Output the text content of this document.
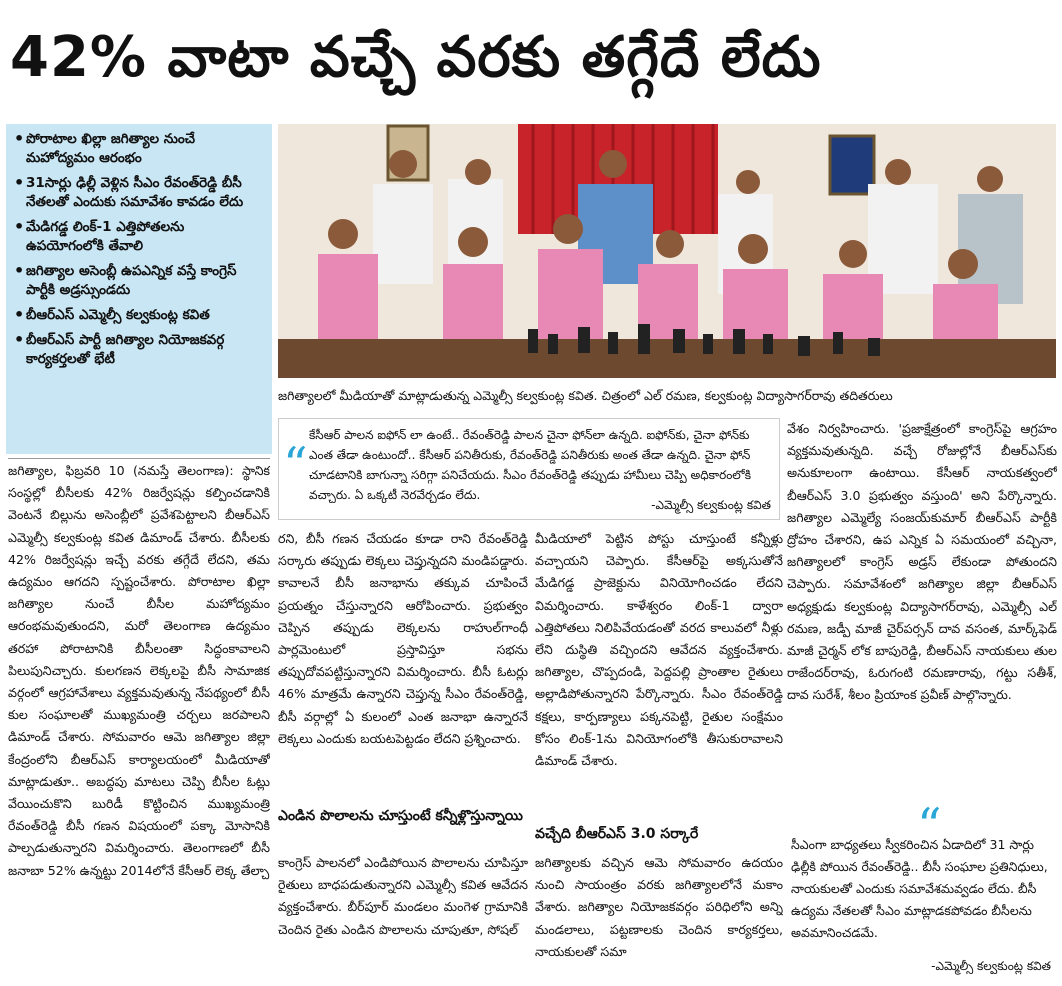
42% వాటా వచ్చే వరకు తగ్గేదే లేదు
• పోరాటాల ఖిల్లా జగిత్యాల నుంచే మహోద్యమం ఆరంభం
• 31సార్లు ఢిల్లీ వెళ్లిన సీఎం రేవంత్‌రెడ్డి బీసీ నేతలతో ఎందుకు సమావేశం కావడం లేదు
• మేడిగడ్డ లింక్‌-1 ఎత్తిపోతలను ఉపయోగంలోకి తేవాలి
• జగిత్యాల అసెంబ్లీ ఉపఎన్నిక వస్తే కాంగ్రెస్‌ పార్టీకి అడ్రస్సుండదు
• బీఆర్‌ఎస్‌ ఎమ్మెల్సీ కల్వకుంట్ల కవిత
• బీఆర్‌ఎస్‌ పార్టీ జగిత్యాల నియోజకవర్గ కార్యకర్తలతో భేటీ
జగిత్యాలలో మీడియాతో మాట్లాడుతున్న ఎమ్మెల్సీ కల్వకుంట్ల కవిత. చిత్రంలో ఎల్‌ రమణ, కల్వకుంట్ల విద్యాసాగర్‌రావు తదితరులు
“
కేసీఆర్‌ పాలన ఐఫోన్‌ లా ఉంటే.. రేవంత్‌రెడ్డి పాలన చైనా ఫోన్‌లా ఉన్నది. ఐఫోన్‌కు, చైనా ఫోన్‌కు ఎంత తేడా ఉంటుందో.. కేసీఆర్‌ పనితీరుకు, రేవంత్‌రెడ్డి పనితీరుకు అంత తేడా ఉన్నది. చైనా ఫోన్‌ చూడటానికి బాగున్నా సరిగ్గా పనిచేయదు. సీఎం రేవంత్‌రెడ్డి తప్పుడు హామీలు చెప్పి అధికారంలోకి వచ్చారు. ఏ ఒక్కటీ నెరవేర్చడం లేదు.
-ఎమ్మెల్సీ కల్వకుంట్ల కవిత

జగిత్యాల, ఫిబ్రవరి 10 (నమస్తే తెలంగాణ): స్థానిక సంస్థల్లో బీసీలకు 42% రిజర్వేషన్లు కల్పించడానికి వెంటనే బిల్లును అసెంబ్లీలో ప్రవేశపెట్టాలని బీఆర్‌ఎస్‌ ఎమ్మెల్సీ కల్వకుంట్ల కవిత డిమాండ్‌ చేశారు. బీసీలకు 42% రిజర్వేషన్లు ఇచ్చే వరకు తగ్గేదే లేదని, తమ ఉద్యమం ఆగదని స్పష్టంచేశారు. పోరాటాల ఖిల్లా జగిత్యాల నుంచే బీసీల మహోద్యమం ఆరంభమవుతుందని, మరో తెలంగాణ ఉద్యమం తరహా పోరాటానికి బీసీలంతా సిద్ధంకావాలని పిలుపునిచ్చారు. కులగణన లెక్కలపై బీసీ సామాజిక వర్గంలో ఆగ్రహావేశాలు వ్యక్తమవుతున్న నేపథ్యంలో బీసీ కుల సంఘాలతో ముఖ్యమంత్రి చర్చలు జరపాలని డిమాండ్‌ చేశారు. సోమవారం ఆమె జగిత్యాల జిల్లా కేంద్రంలోని బీఆర్‌ఎస్‌ కార్యాలయంలో మీడియాతో మాట్లాడుతూ.. అబద్ధపు మాటలు చెప్పి బీసీల ఓట్లు వేయించుకొని బురిడీ కొట్టించిన ముఖ్యమంత్రి రేవంత్‌రెడ్డి బీసీ గణన విషయంలో పక్కా మోసానికి పాల్పడుతున్నారని విమర్శించారు. తెలంగాణలో బీసీ జనాబా 52% ఉన్నట్టు 2014లోనే కేసీఆర్‌ లెక్క తేల్చా

రని, బీసీ గణన చేయడం కూడా రాని రేవంత్‌రెడ్డి సర్కారు తప్పుడు లెక్కలు చెప్తున్నదని మండిపడ్డారు. కావాలనే బీసీ జనాభాను తక్కువ చూపించే ప్రయత్నం చేస్తున్నారని ఆరోపించారు. ప్రభుత్వం చెప్పిన తప్పుడు లెక్కలను రాహుల్‌గాంధీ పార్లమెంటులో ప్రస్తావిస్తూ సభను తప్పుదోవపట్టిస్తున్నారని విమర్శించారు. బీసీ ఓటర్లు 46% మాత్రమే ఉన్నారని చెప్తున్న సీఎం రేవంత్‌రెడ్డి, బీసీ వర్గాల్లో ఏ కులంలో ఎంత జనాభా ఉన్నారనే లెక్కలు ఎందుకు బయటపెట్టడం లేదని ప్రశ్నించారు.

ఎండిన పొలాలను చూస్తుంటే కన్నీళ్లొస్తున్నాయి

కాంగ్రెస్‌ పాలనలో ఎండిపోయిన పొలాలను చూపిస్తూ రైతులు బాధపడుతున్నారని ఎమ్మెల్సీ కవిత ఆవేదన వ్యక్తంచేశారు. బీర్‌పూర్‌ మండలం మంగెళ గ్రామానికి చెందిన రైతు ఎండిన పొలాలను చూపుతూ, సోషల్‌

మీడియాలో పెట్టిన పోస్టు చూస్తుంటే కన్నీళ్లు వచ్చాయని చెప్పారు. కేసీఆర్‌పై అక్కసుతోనే మేడిగడ్డ ప్రాజెక్టును వినియోగించడం లేదని విమర్శించారు. కాళేశ్వరం లింక్‌-1 ద్వారా ఎత్తిపోతలు నిలిపివేయడంతో వరద కాలువలో నీళ్లు లేని దుస్థితి వచ్చిందని ఆవేదన వ్యక్తంచేశారు. జగిత్యాల, చొప్పదండి, పెద్దపల్లి ప్రాంతాల రైతులు అల్లాడిపోతున్నారని పేర్కొన్నారు. సీఎం రేవంత్‌రెడ్డి కక్షలు, కార్పణ్యాలు పక్కనపెట్టి, రైతుల సంక్షేమం కోసం లింక్‌-1ను వినియోగంలోకి తీసుకురావాలని డిమాండ్‌ చేశారు.

వచ్చేది బీఆర్‌ఎస్‌ 3.0 సర్కారే

జగిత్యాలకు వచ్చిన ఆమె సోమవారం ఉదయం నుంచి సాయంత్రం వరకు జగిత్యాలలోనే మకాం వేశారు. జగిత్యాల నియోజకవర్గం పరిధిలోని అన్ని మండలాలు, పట్టణాలకు చెందిన కార్యకర్తలు, నాయకులతో సమా

వేశం నిర్వహించారు. 'ప్రజాక్షేత్రంలో కాంగ్రెస్‌పై ఆగ్రహం వ్యక్తమవుతున్నది. వచ్చే రోజుల్లోనే బీఆర్‌ఎస్‌కు అనుకూలంగా ఉంటాయి. కేసీఆర్‌ నాయకత్వంలో బీఆర్‌ఎస్‌ 3.0 ప్రభుత్వం వస్తుంది' అని పేర్కొన్నారు. జగిత్యాల ఎమ్మెల్యే సంజయ్‌కుమార్‌ బీఆర్‌ఎస్‌ పార్టీకి ద్రోహం చేశారని, ఉప ఎన్నిక ఏ సమయంలో వచ్చినా, జగిత్యాలలో కాంగ్రెస్‌ అడ్రస్‌ లేకుండా పోతుందని చెప్పారు. సమావేశంలో జగిత్యాల జిల్లా బీఆర్‌ఎస్‌ అధ్యక్షుడు కల్వకుంట్ల విద్యాసాగర్‌రావు, ఎమ్మెల్సీ ఎల్‌ రమణ, జడ్పీ మాజీ చైర్‌పర్సన్‌ దావ వసంత, మార్క్‌ఫెడ్‌ మాజీ చైర్మన్‌ లోక బాపురెడ్డి, బీఆర్‌ఎస్‌ నాయకులు తుల రాజేందర్‌రావు, ఓరుగంటి రమణారావు, గట్టు సతీశ్‌, దావ సురేశ్‌, శీలం ప్రియాంక ప్రవీణ్‌ పాల్గొన్నారు.

“
సీఎంగా బాధ్యతలు స్వీకరించిన ఏడాదిలో 31 సార్లు ఢిల్లీకి పోయిన రేవంత్‌రెడ్డి.. బీసీ సంఘాల ప్రతినిధులు, నాయకులతో ఎందుకు సమావేశమవ్వడం లేదు. బీసీ ఉద్యమ నేతలతో సీఎం మాట్లాడకపోవడం బీసీలను అవమానించడమే.
-ఎమ్మెల్సీ కల్వకుంట్ల కవిత
